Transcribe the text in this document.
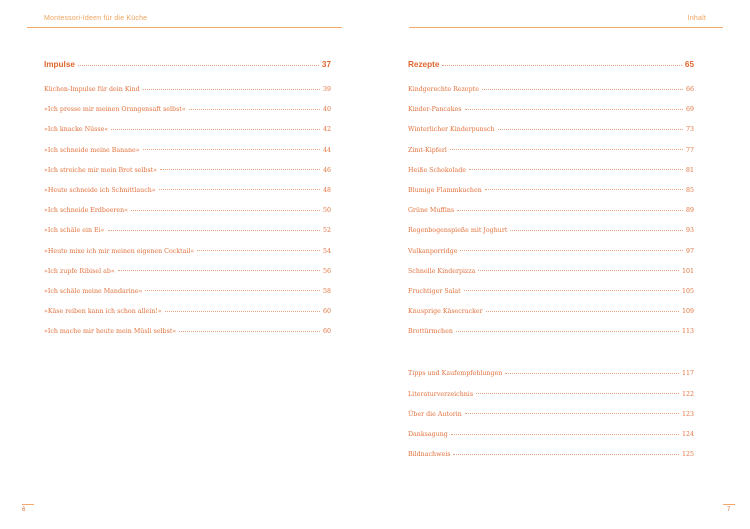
Montessori-Ideen für die Küche
Impulse	37
Küchen-Impulse für dein Kind	39
»Ich presse mir meinen Orangensaft selbst«	40
»Ich knacke Nüsse«	42
»Ich schneide meine Banane«	44
»Ich streiche mir mein Brot selbst«	46
»Heute schneide ich Schnittlauch«	48
»Ich schneide Erdbeeren«	50
»Ich schäle ein Ei«	52
»Heute mixe ich mir meinen eigenen Cocktail«	54
»Ich zupfe Ribisel ab«	56
»Ich schäle meine Mandarine«	58
»Käse reiben kann ich schon allein!«	60
»Ich mache mir heute mein Müsli selbst«	60
6
Inhalt
Rezepte	65
Kindgerechte Rezepte	66
Kinder-Pancakes	69
Winterlicher Kinderpunsch	73
Zimt-Kipferl	77
Heiße Schokolade	81
Blumige Flammkuchen	85
Grüne Muffins	89
Regenbogenspieße mit Joghurt	93
Vulkanporridge	97
Schnelle Kinderpizza	101
Fruchtiger Salat	105
Knusprige Käsecracker	109
Brottürmchen	113
Tipps und Kaufempfehlungen	117
Literaturverzeichnis	122
Über die Autorin	123
Danksagung	124
Bildnachweis	125
7
